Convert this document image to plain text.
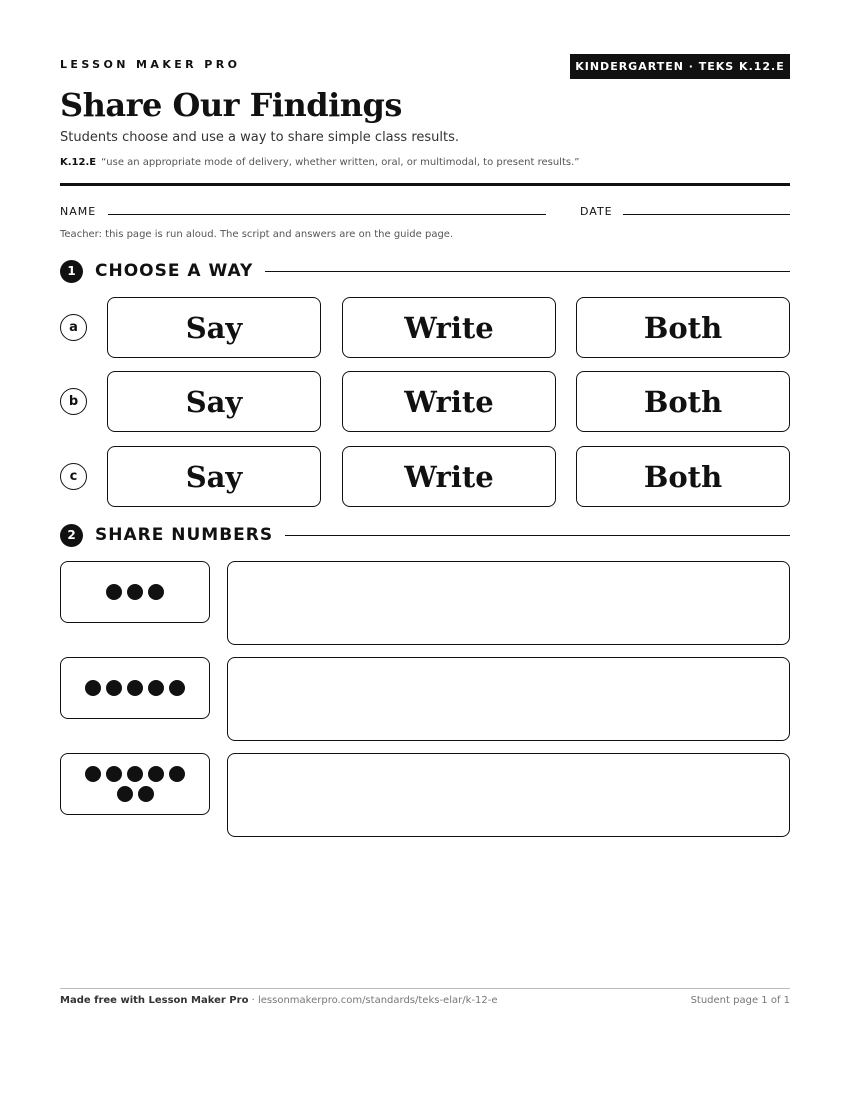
LESSON MAKER PRO	KINDERGARTEN · TEKS K.12.E
Share Our Findings

Students choose and use a way to share simple class results.

K.12.E “use an appropriate mode of delivery, whether written, oral, or multimodal, to present results.”

NAME	DATE

Teacher: this page is run aloud. The script and answers are on the guide page.

1	CHOOSE A WAY
a	Say	Write	Both
b	Say	Write	Both
c	Say	Write	Both
2	SHARE NUMBERS

Made free with Lesson Maker Pro · lessonmakerpro.com/standards/teks-elar/k-12-e	Student page 1 of 1
